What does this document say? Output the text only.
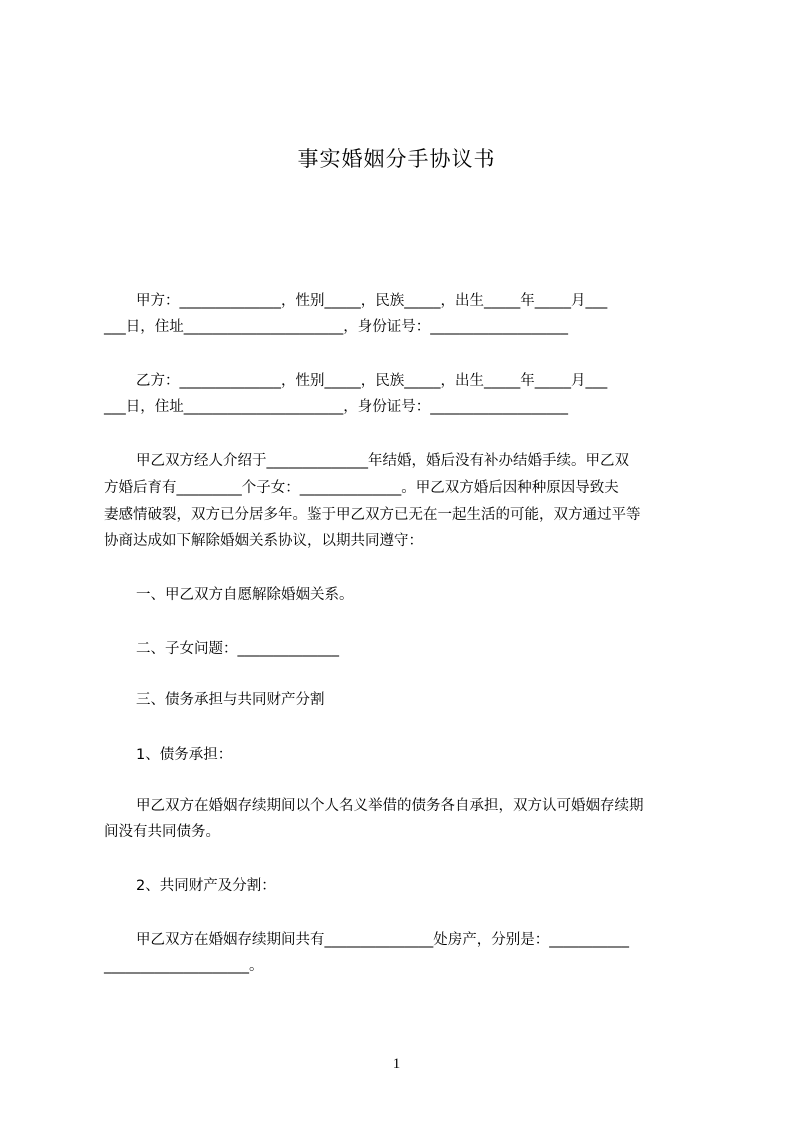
事实婚姻分手协议书
甲方：______________，性别_____，民族_____，出生_____年_____月___
___日，住址______________________，身份证号：___________________
乙方：______________，性别_____，民族_____，出生_____年_____月___
___日，住址______________________，身份证号：___________________
甲乙双方经人介绍于______________年结婚，婚后没有补办结婚手续。甲乙双
方婚后育有_________个子女：______________。甲乙双方婚后因种种原因导致夫
妻感情破裂，双方已分居多年。鉴于甲乙双方已无在一起生活的可能，双方通过平等
协商达成如下解除婚姻关系协议，以期共同遵守：
一、甲乙双方自愿解除婚姻关系。
二、子女问题：______________
三、债务承担与共同财产分割
1、债务承担：
甲乙双方在婚姻存续期间以个人名义举借的债务各自承担，双方认可婚姻存续期
间没有共同债务。
2、共同财产及分割：
甲乙双方在婚姻存续期间共有_______________处房产，分别是：___________
____________________。
1
